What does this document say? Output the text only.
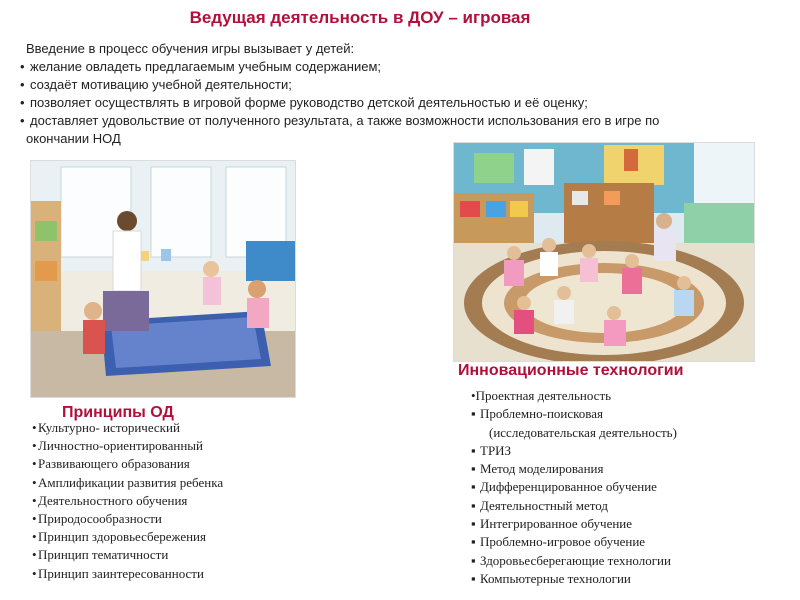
Ведущая деятельность в ДОУ – игровая
Введение в процесс обучения игры вызывает у детей:
• желание овладеть предлагаемым учебным содержанием;
• создаёт мотивацию учебной деятельности;
• позволяет осуществлять в игровой форме руководство детской деятельностью и её оценку;
• доставляет удовольствие от полученного результата, а также возможности использования его в игре по
окончании НОД
Инновационные технологии
•Проектная деятельность
▪ Проблемно-поисковая
(исследовательская деятельность)
▪ ТРИЗ
▪ Метод моделирования
▪ Дифференцированное обучение
▪ Деятельностный метод
▪ Интегрированное обучение
▪ Проблемно-игровое обучение
▪ Здоровьесберегающие технологии
▪ Компьютерные технологии
Принципы ОД
•Культурно- исторический
•Личностно-ориентированный
•Развивающего образования
•Амплификации развития ребенка
•Деятельностного обучения
•Природосообразности
•Принцип здоровьесбережения
•Принцип тематичности
•Принцип заинтересованности
